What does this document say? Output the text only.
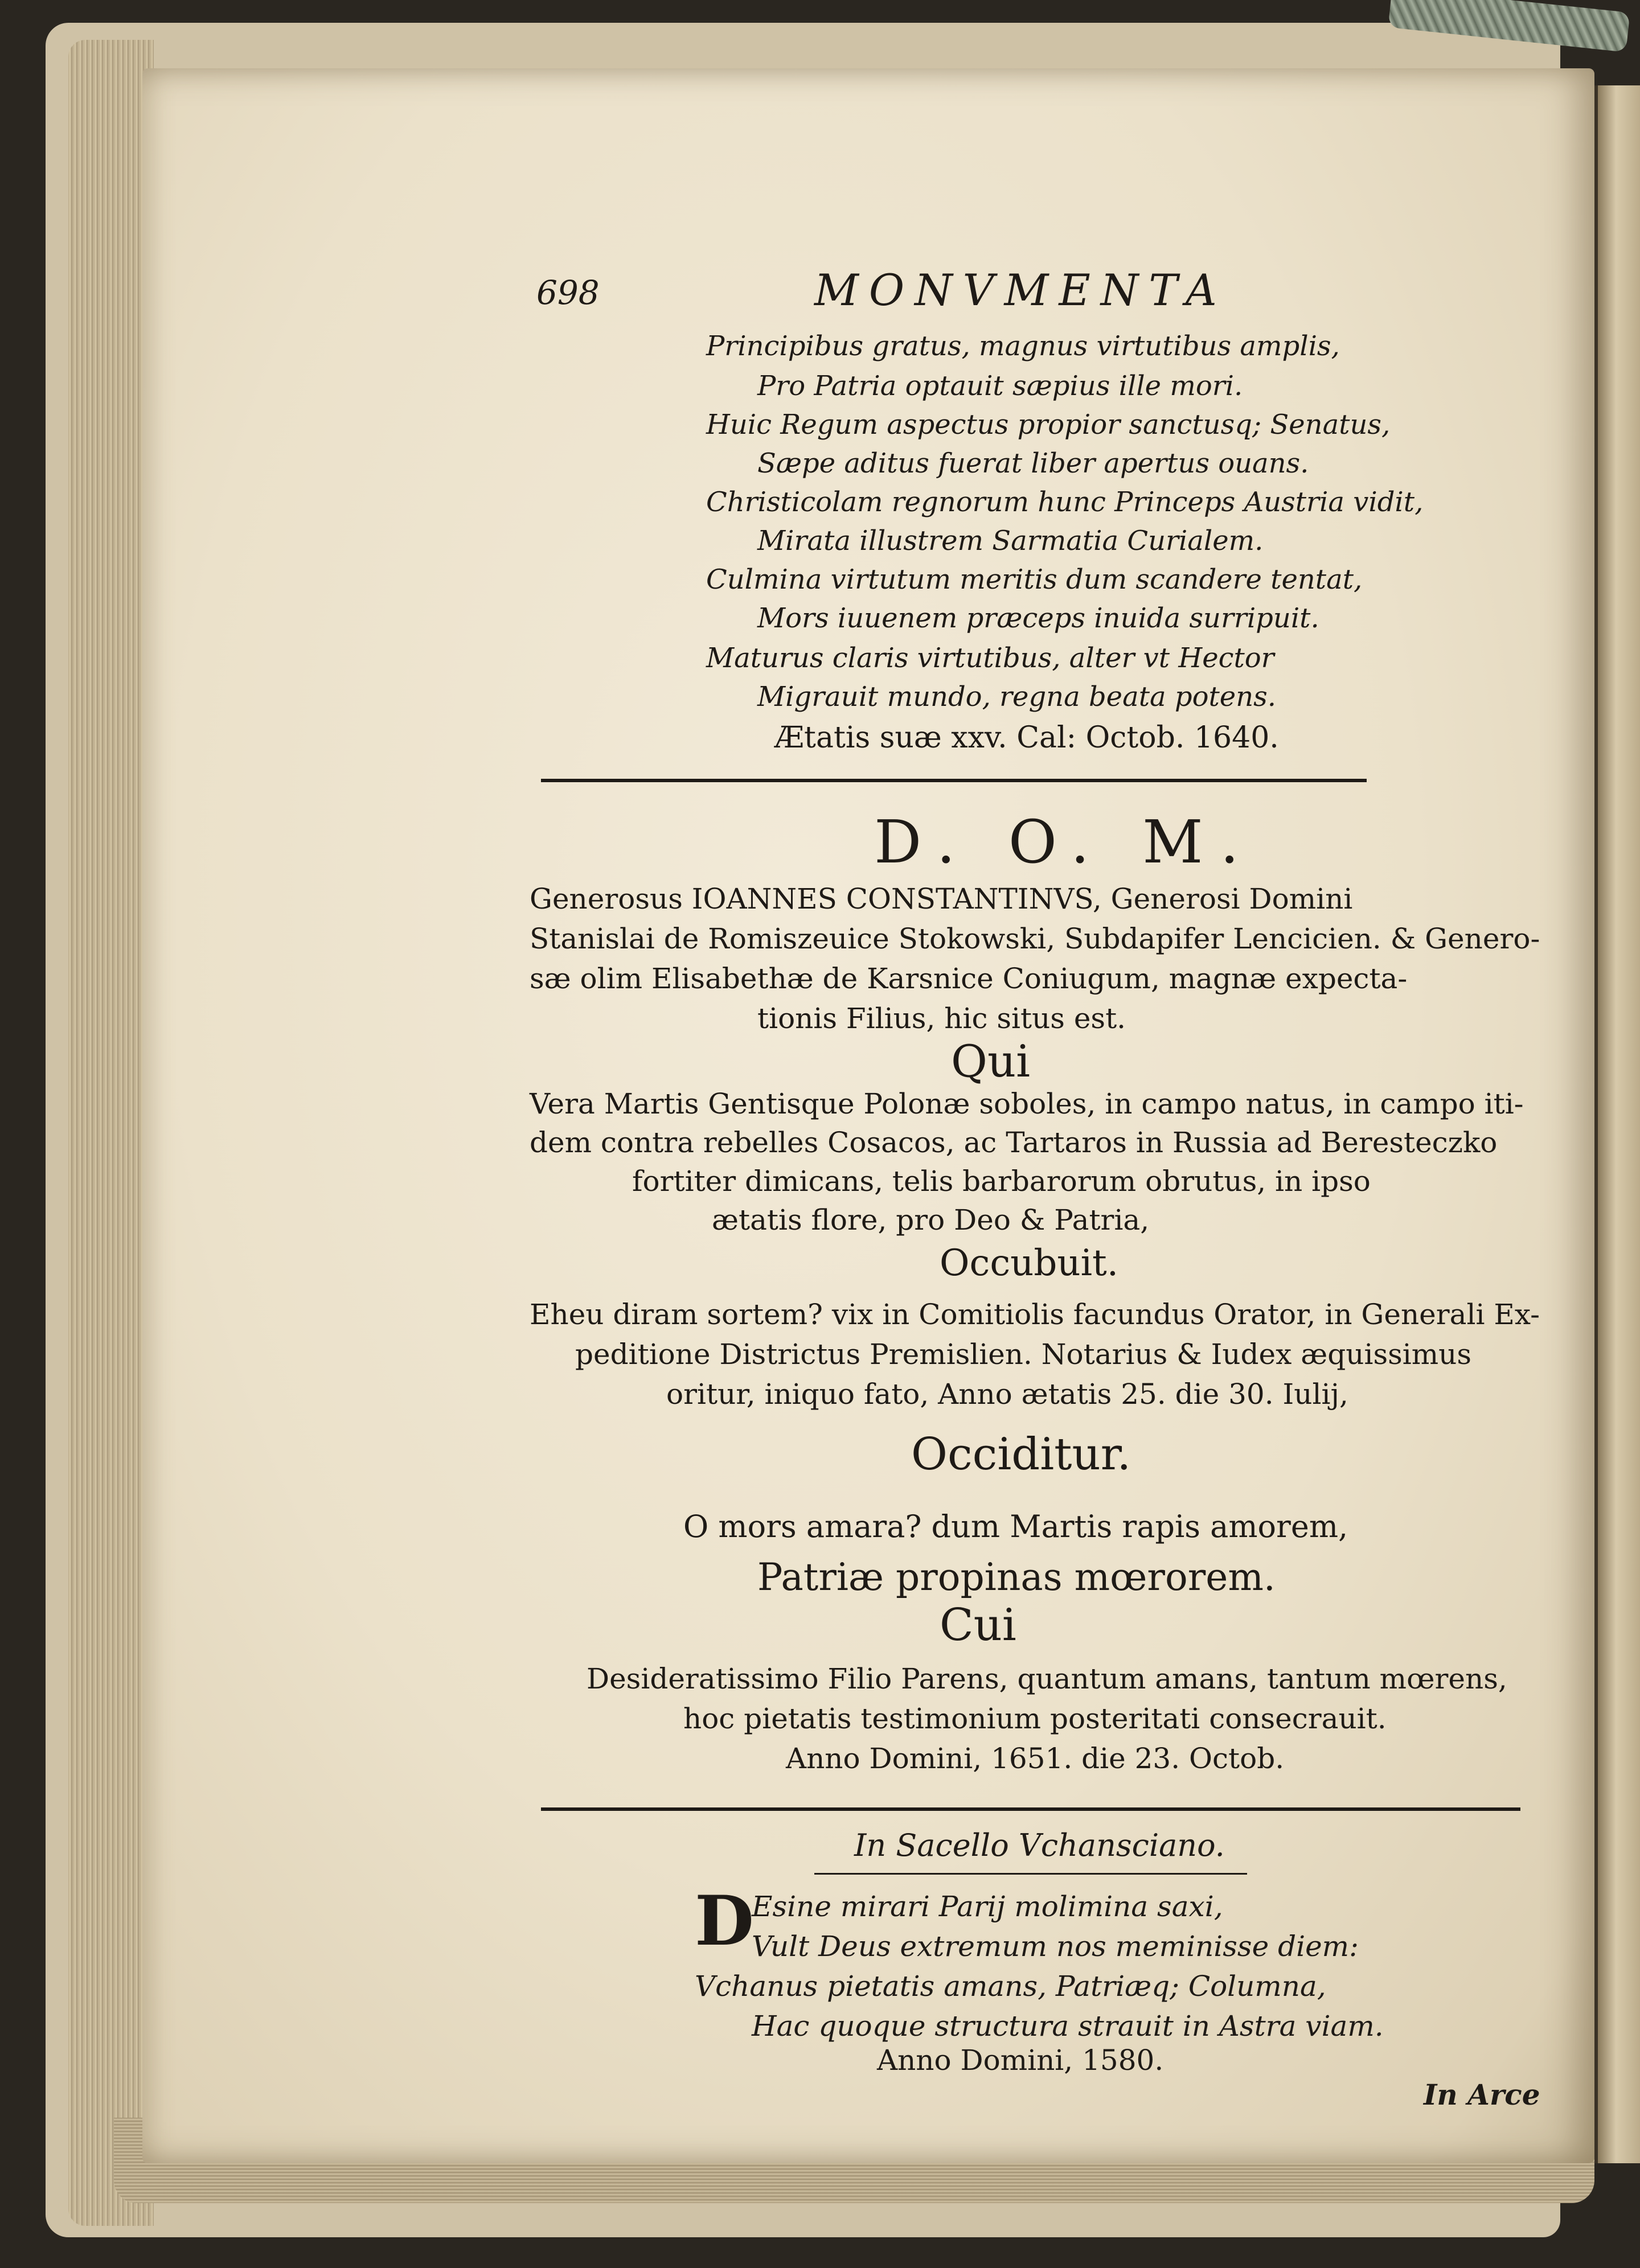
698	MONVMENTA
Principibus gratus, magnus virtutibus amplis,
Pro Patria optauit sæpius ille mori.
Huic Regum aspectus propior sanctusq; Senatus,
Sæpe aditus fuerat liber apertus ouans.
Christicolam regnorum hunc Princeps Austria vidit,
Mirata illustrem Sarmatia Curialem.
Culmina virtutum meritis dum scandere tentat,
Mors iuuenem præceps inuida surripuit.
Maturus claris virtutibus, alter vt Hector
Migrauit mundo, regna beata potens.
Ætatis suæ xxv. Cal: Octob. 1640.
D. O. M.
Generosus IOANNES CONSTANTINVS, Generosi Domini
Stanislai de Romiszeuice Stokowski, Subdapifer Lencicien. & Genero-
sæ olim Elisabethæ de Karsnice Coniugum, magnæ expecta-
tionis Filius, hic situs est.
Qui
Vera Martis Gentisque Polonæ soboles, in campo natus, in campo iti-
dem contra rebelles Cosacos, ac Tartaros in Russia ad Beresteczko
fortiter dimicans, telis barbarorum obrutus, in ipso
ætatis flore, pro Deo & Patria,
Occubuit.
Eheu diram sortem? vix in Comitiolis facundus Orator, in Generali Ex-
peditione Districtus Premislien. Notarius & Iudex æquissimus
oritur, iniquo fato, Anno ætatis 25. die 30. Iulij,
Occiditur.
O mors amara? dum Martis rapis amorem,
Patriæ propinas mœrorem.
Cui
Desideratissimo Filio Parens, quantum amans, tantum mœrens,
hoc pietatis testimonium posteritati consecrauit.
Anno Domini, 1651. die 23. Octob.
In Sacello Vchansciano.
D
Esine mirari Parij molimina saxi,
Vult Deus extremum nos meminisse diem:
Vchanus pietatis amans, Patriæq; Columna,
Hac quoque structura strauit in Astra viam.
Anno Domini, 1580.
In Arce
